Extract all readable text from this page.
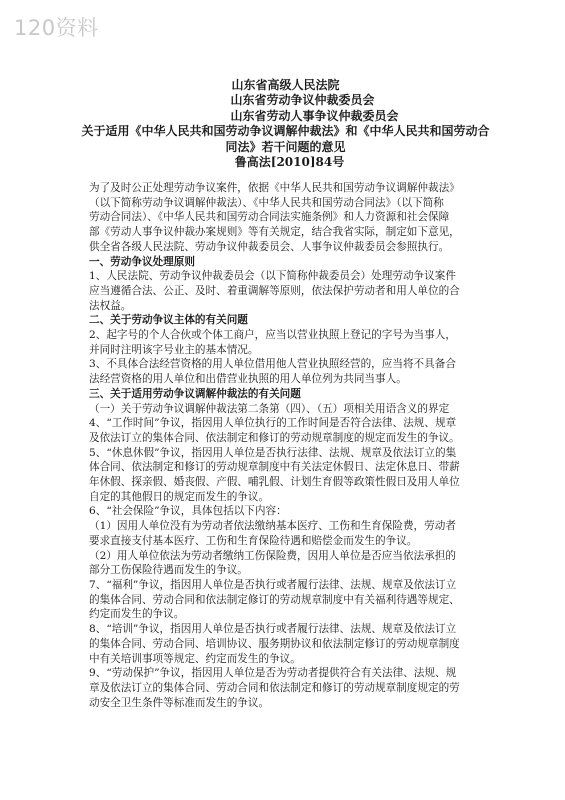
120资料
山东省高级人民法院
山东省劳动争议仲裁委员会
山东省劳动人事争议仲裁委员会
关于适用《中华人民共和国劳动争议调解仲裁法》和《中华人民共和国劳动合
同法》若干问题的意见
鲁高法[2010]84号

为了及时公正处理劳动争议案件，依据《中华人民共和国劳动争议调解仲裁法》

（以下简称劳动争议调解仲裁法）、《中华人民共和国劳动合同法》（以下简称

劳动合同法）、《中华人民共和国劳动合同法实施条例》和人力资源和社会保障

部《劳动人事争议仲裁办案规则》等有关规定，结合我省实际，制定如下意见，

供全省各级人民法院、劳动争议仲裁委员会、人事争议仲裁委员会参照执行。

一、劳动争议处理原则

1、人民法院、劳动争议仲裁委员会（以下简称仲裁委员会）处理劳动争议案件

应当遵循合法、公正、及时、着重调解等原则，依法保护劳动者和用人单位的合

法权益。

二、关于劳动争议主体的有关问题

2、起字号的个人合伙或个体工商户，应当以营业执照上登记的字号为当事人，

并同时注明该字号业主的基本情况。

3、不具体合法经营资格的用人单位借用他人营业执照经营的，应当将不具备合

法经营资格的用人单位和出借营业执照的用人单位列为共同当事人。

三、关于适用劳动争议调解仲裁法的有关问题

（一）关于劳动争议调解仲裁法第二条第（四）、（五）项相关用语含义的界定

4、“工作时间”争议，指因用人单位执行的工作时间是否符合法律、法规、规章

及依法订立的集体合同、依法制定和修订的劳动规章制度的规定而发生的争议。

5、“休息休假”争议，指因用人单位是否执行法律、法规、规章及依法订立的集

体合同、依法制定和修订的劳动规章制度中有关法定休假日、法定休息日、带薪

年休假、探亲假、婚丧假、产假、哺乳假、计划生育假等政策性假日及用人单位

自定的其他假日的规定而发生的争议。

6、“社会保险”争议，具体包括以下内容：

（1）因用人单位没有为劳动者依法缴纳基本医疗、工伤和生育保险费，劳动者

要求直接支付基本医疗、工伤和生育保险待遇和赔偿金而发生的争议。

（2）用人单位依法为劳动者缴纳工伤保险费，因用人单位是否应当依法承担的

部分工伤保险待遇而发生的争议。

7、“福利”争议，指因用人单位是否执行或者履行法律、法规、规章及依法订立

的集体合同、劳动合同和依法制定修订的劳动规章制度中有关福利待遇等规定、

约定而发生的争议。

8、“培训”争议，指因用人单位是否执行或者履行法律、法规、规章及依法订立

的集体合同、劳动合同、培训协议、服务期协议和依法制定修订的劳动规章制度

中有关培训事项等规定、约定而发生的争议。

9、“劳动保护”争议，指因用人单位是否为劳动者提供符合有关法律、法规、规

章及依法订立的集体合同、劳动合同和依法制定和修订的劳动规章制度规定的劳

动安全卫生条件等标准而发生的争议。
